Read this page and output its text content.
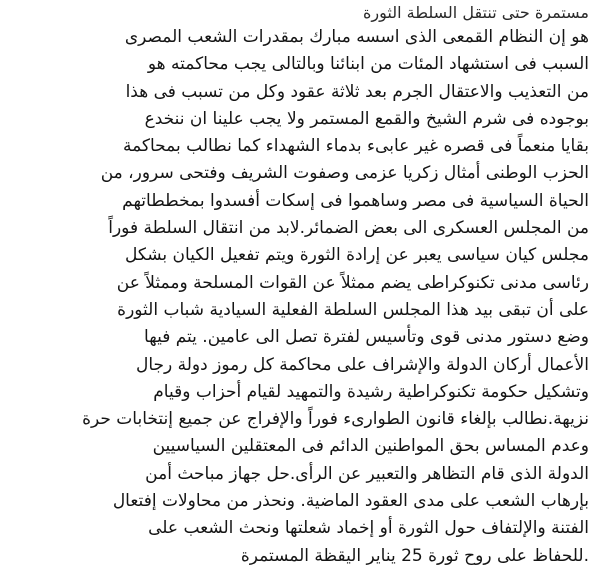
مستمرة حتى تنتقل السلطة الثورة
هو إن النظام القمعى الذى اسسه مبارك بمقدرات الشعب المصرى
السبب فى استشهاد المئات من ابنائنا وبالتالى يجب محاكمته هو
من التعذيب والاعتقال الجرم بعد ثلاثة عقود وكل من تسبب فى هذا
بوجوده فى شرم الشيخ والقمع المستمر ولا يجب علينا ان ننخدع
بقايا منعماً فى قصره غير عابىء بدماء الشهداء كما نطالب بمحاكمة
الحزب الوطنى أمثال زكريا عزمى وصفوت الشريف وفتحى سرور، من
الحياة السياسية فى مصر وساهموا فى إسكات أفسدوا بمخططاتهم
من المجلس العسكرى الى بعض الضمائر.لابد من انتقال السلطة فوراً
مجلس كيان سياسى يعبر عن إرادة الثورة ويتم تفعيل الكيان بشكل
رئاسى مدنى تكنوكراطى يضم ممثلاً عن القوات المسلحة وممثلاً عن
على أن تبقى بيد هذا المجلس السلطة الفعلية السيادية شباب الثورة
وضع دستور مدنى قوى وتأسيس لفترة تصل الى عامين. يتم فيها
الأعمال أركان الدولة والإشراف على محاكمة كل رموز دولة رجال
وتشكيل حكومة تكنوكراطية رشيدة والتمهيد لقيام أحزاب وقيام
نزيهة.نطالب بإلغاء قانون الطوارىء فوراً والإفراج عن جميع إنتخابات حرة
وعدم المساس بحق المواطنين الدائم فى المعتقلين السياسيين
الدولة الذى قام التظاهر والتعبير عن الرأى.حل جهاز مباحث أمن
بإرهاب الشعب على مدى العقود الماضية. ونحذر من محاولات إفتعال
الفتنة والإلتفاف حول الثورة أو إخماد شعلتها ونحث الشعب على
.للحفاظ على روح ثورة 25 يناير اليقظة المستمرة
